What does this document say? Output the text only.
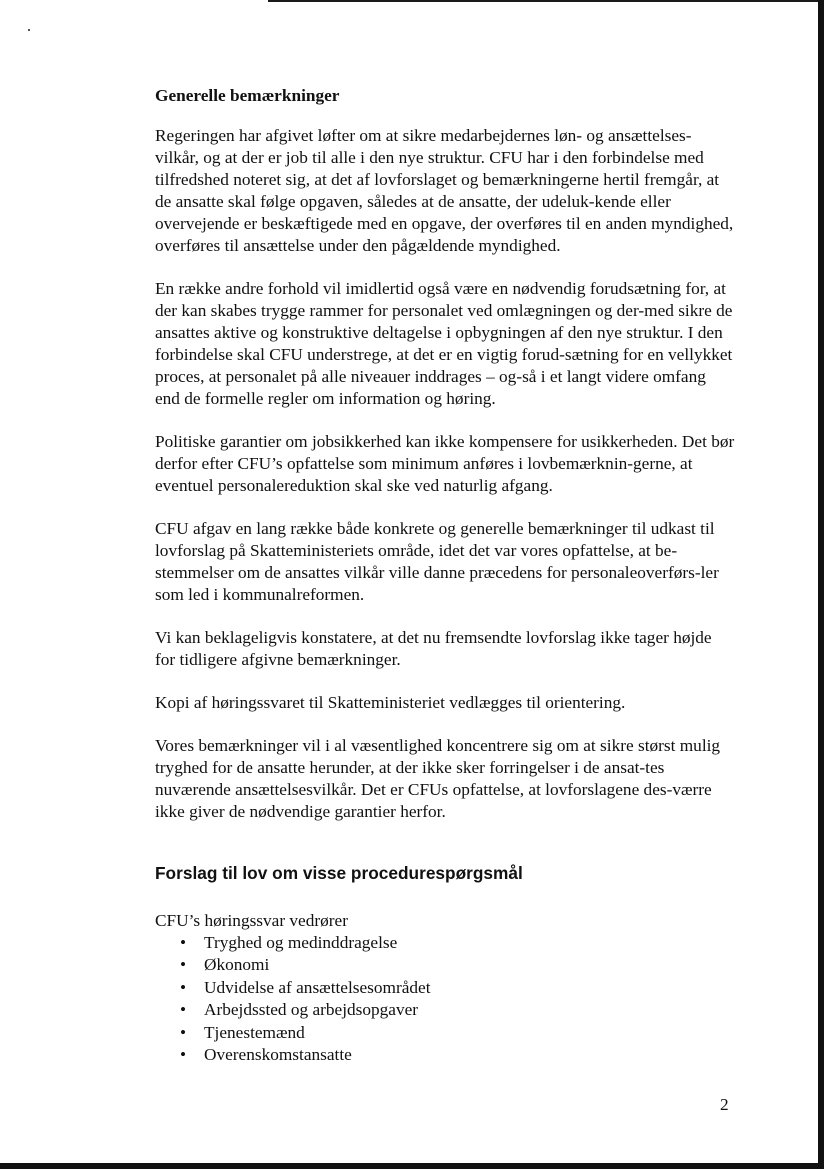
Generelle bemærkninger

Regeringen har afgivet løfter om at sikre medarbejdernes løn- og ansættelses-vilkår, og at der er job til alle i den nye struktur. CFU har i den forbindelse med tilfredshed noteret sig, at det af lovforslaget og bemærkningerne hertil fremgår, at de ansatte skal følge opgaven, således at de ansatte, der udeluk-kende eller overvejende er beskæftigede med en opgave, der overføres til en anden myndighed, overføres til ansættelse under den pågældende myndighed.

En række andre forhold vil imidlertid også være en nødvendig forudsætning for, at der kan skabes trygge rammer for personalet ved omlægningen og der-med sikre de ansattes aktive og konstruktive deltagelse i opbygningen af den nye struktur. I den forbindelse skal CFU understrege, at det er en vigtig forud-sætning for en vellykket proces, at personalet på alle niveauer inddrages – og-så i et langt videre omfang end de formelle regler om information og høring.

Politiske garantier om jobsikkerhed kan ikke kompensere for usikkerheden. Det bør derfor efter CFU’s opfattelse som minimum anføres i lovbemærknin-gerne, at eventuel personalereduktion skal ske ved naturlig afgang.

CFU afgav en lang række både konkrete og generelle bemærkninger til udkast til lovforslag på Skatteministeriets område, idet det var vores opfattelse, at be-stemmelser om de ansattes vilkår ville danne præcedens for personaleoverførs-ler som led i kommunalreformen.

Vi kan beklageligvis konstatere, at det nu fremsendte lovforslag ikke tager højde for tidligere afgivne bemærkninger.

Kopi af høringssvaret til Skatteministeriet vedlægges til orientering.

Vores bemærkninger vil i al væsentlighed koncentrere sig om at sikre størst mulig tryghed for de ansatte herunder, at der ikke sker forringelser i de ansat-tes nuværende ansættelsesvilkår. Det er CFUs opfattelse, at lovforslagene des-værre ikke giver de nødvendige garantier herfor.

Forslag til lov om visse procedurespørgsmål

CFU’s høringssvar vedrører

• Tryghed og medinddragelse
• Økonomi
• Udvidelse af ansættelsesområdet
• Arbejdssted og arbejdsopgaver
• Tjenestemænd
• Overenskomstansatte
2
